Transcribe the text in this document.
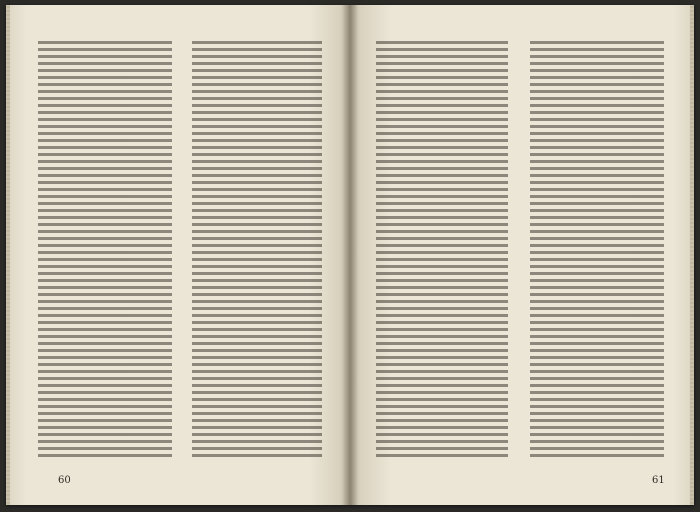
60	61
